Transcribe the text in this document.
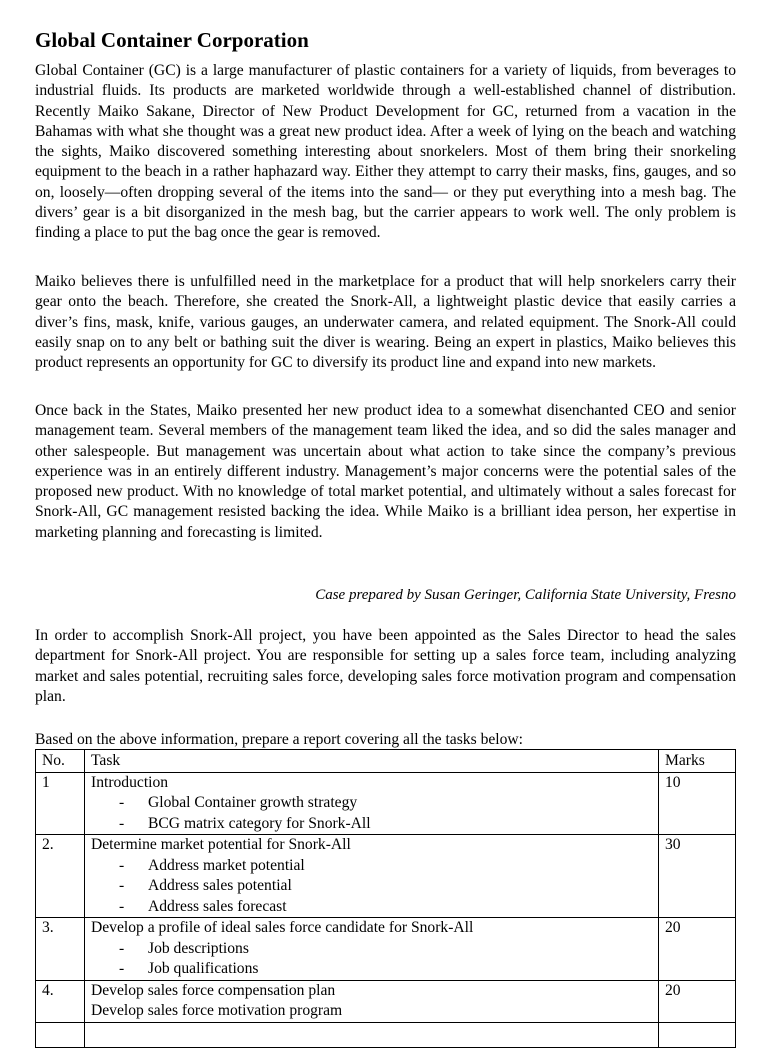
Global Container Corporation

Global Container (GC) is a large manufacturer of plastic containers for a variety of liquids, from beverages to industrial fluids. Its products are marketed worldwide through a well-established channel of distribution. Recently Maiko Sakane, Director of New Product Development for GC, returned from a vacation in the Bahamas with what she thought was a great new product idea. After a week of lying on the beach and watching the sights, Maiko discovered something interesting about snorkelers. Most of them bring their snorkeling equipment to the beach in a rather haphazard way. Either they attempt to carry their masks, fins, gauges, and so on, loosely—often dropping several of the items into the sand— or they put everything into a mesh bag. The divers’ gear is a bit disorganized in the mesh bag, but the carrier appears to work well. The only problem is finding a place to put the bag once the gear is removed.

Maiko believes there is unfulfilled need in the marketplace for a product that will help snorkelers carry their gear onto the beach. Therefore, she created the Snork-All, a lightweight plastic device that easily carries a diver’s fins, mask, knife, various gauges, an underwater camera, and related equipment. The Snork-All could easily snap on to any belt or bathing suit the diver is wearing. Being an expert in plastics, Maiko believes this product represents an opportunity for GC to diversify its product line and expand into new markets.

Once back in the States, Maiko presented her new product idea to a somewhat disenchanted CEO and senior management team. Several members of the management team liked the idea, and so did the sales manager and other salespeople. But management was uncertain about what action to take since the company’s previous experience was in an entirely different industry. Management’s major concerns were the potential sales of the proposed new product. With no knowledge of total market potential, and ultimately without a sales forecast for Snork-All, GC management resisted backing the idea. While Maiko is a brilliant idea person, her expertise in marketing planning and forecasting is limited.

Case prepared by Susan Geringer, California State University, Fresno

In order to accomplish Snork-All project, you have been appointed as the Sales Director to head the sales department for Snork-All project. You are responsible for setting up a sales force team, including analyzing market and sales potential, recruiting sales force, developing sales force motivation program and compensation plan.

Based on the above information, prepare a report covering all the tasks below:
No.	Task	Marks
1	Introduction
- Global Container growth strategy
- BCG matrix category for Snork-All	10
2.	Determine market potential for Snork-All
- Address market potential
- Address sales potential
- Address sales forecast	30
3.	Develop a profile of ideal sales force candidate for Snork-All
- Job descriptions
- Job qualifications	20
4.	Develop sales force compensation plan
Develop sales force motivation program	20
